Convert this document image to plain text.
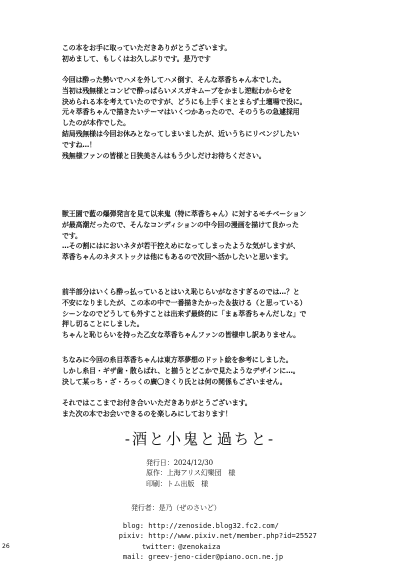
この本をお手に取っていただきありがとうございます。
初めまして、もしくはお久しぶりです。是乃です
今回は酔った勢いでハメを外してハメ倒す、そんな萃香ちゃん本でした。
当初は残無様とコンビで酔っぱらいメスガキムーブをかまし逆転わからせを
決められる本を考えていたのですが、どうにも上手くまとまらず土壇場で没に。
元々萃香ちゃんで描きたいテーマはいくつかあったので、そのうちの急遽採用
したのが本作でした。
結局残無様は今回お休みとなってしまいましたが、近いうちにリベンジしたい
ですね…！
残無様ファンの皆様と日狭美さんはもう少しだけお待ちください。
獣王園で藍の爆弾発言を見て以来鬼（特に萃香ちゃん）に対するモチベーション
が最高潮だったので、そんなコンディションの中今回の漫画を描けて良かった
です。
…その割にはにおいネタが若干控えめになってしまったような気がしますが、
萃香ちゃんのネタストックは他にもあるので次回へ活かしたいと思います。
前半部分はいくら酔っ払っているとはいえ恥じらいがなさすぎるのでは…？と
不安になりましたが、この本の中で一番描きたかった＆抜ける（と思っている）
シーンなのでどうしても外すことは出来ず最終的に「まぁ萃香ちゃんだしな」で
押し切ることにしました。
ちゃんと恥じらいを持った乙女な萃香ちゃんファンの皆様申し訳ありません。
ちなみに今回の糸目萃香ちゃんは東方萃夢想のドット絵を参考にしました。
しかし糸目・ギザ歯・散らばれ、と揃うとどこかで見たようなデザインに…。
決して某っち・ざ・ろっくの廣〇きくり氏とは何の関係もございません。
それではここまでお付き合いいただきありがとうございます。
また次の本でお会いできるのを楽しみにしております！
-酒と小鬼と過ちと-
発行日：2024/12/30
原作：上海アリス幻樂団　様
印刷：トム出版　様
発行者：是乃（ぜのさいど）
blog: http://zenoside.blog32.fc2.com/
pixiv: http://www.pixiv.net/member.php?id=25527
twitter: @zenokaiza
mail: greev-jeno-cider@piano.ocn.ne.jp
26
